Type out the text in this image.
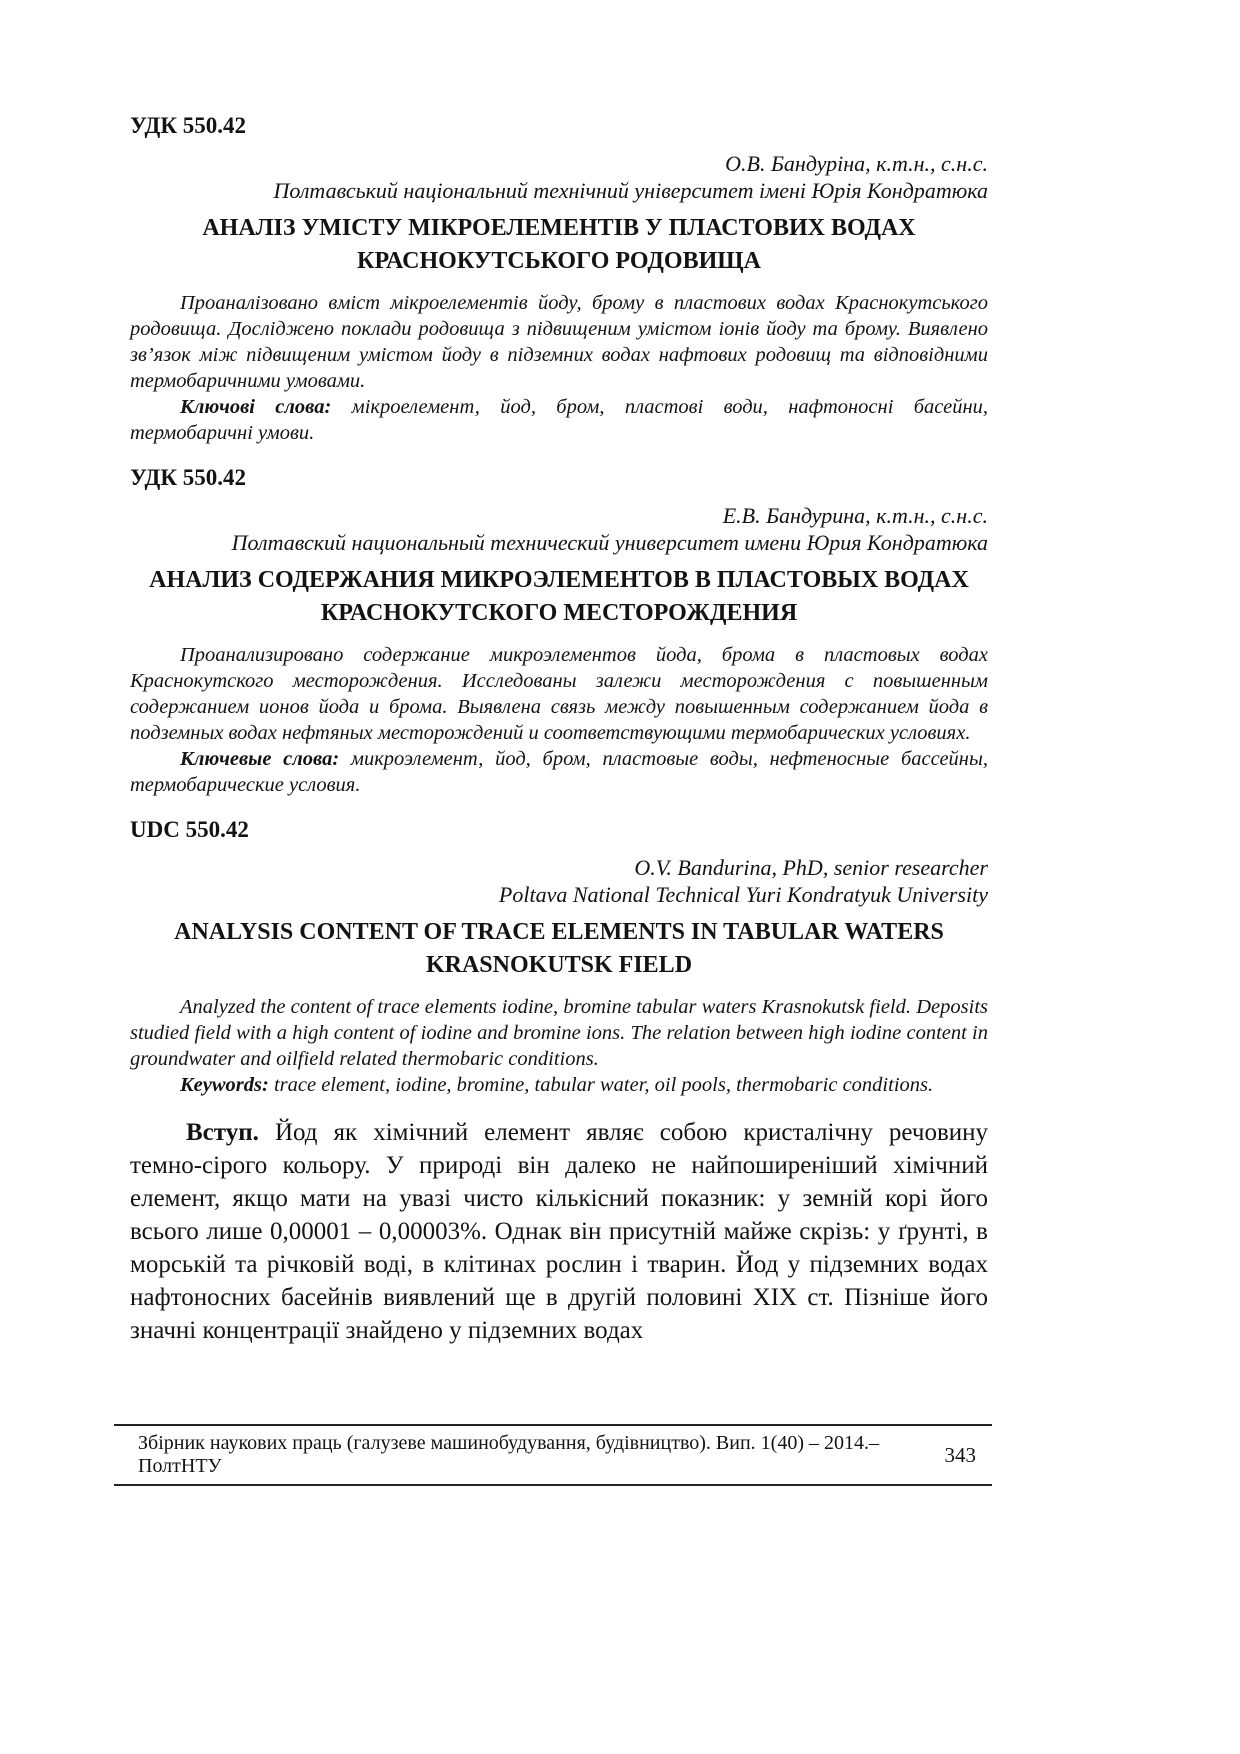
УДК 550.42

О.В. Бандуріна, к.т.н., с.н.с.

Полтавський національний технічний університет імені Юрія Кондратюка

АНАЛІЗ УМІСТУ МІКРОЕЛЕМЕНТІВ У ПЛАСТОВИХ ВОДАХ КРАСНОКУТСЬКОГО РОДОВИЩА

Проаналізовано вміст мікроелементів йоду, брому в пластових водах Краснокутського родовища. Досліджено поклади родовища з підвищеним умістом іонів йоду та брому. Виявлено зв’язок між підвищеним умістом йоду в підземних водах нафтових родовищ та відповідними термобаричними умовами.

Ключові слова: мікроелемент, йод, бром, пластові води, нафтоносні басейни, термобаричні умови.

УДК 550.42

Е.В. Бандурина, к.т.н., с.н.с.

Полтавский национальный технический университет имени Юрия Кондратюка

АНАЛИЗ СОДЕРЖАНИЯ МИКРОЭЛЕМЕНТОВ В ПЛАСТОВЫХ ВОДАХ КРАСНОКУТСКОГО МЕСТОРОЖДЕНИЯ

Проанализировано содержание микроэлементов йода, брома в пластовых водах Краснокутского месторождения. Исследованы залежи месторождения с повышенным содержанием ионов йода и брома. Выявлена связь между повышенным содержанием йода в подземных водах нефтяных месторождений и соответствующими термобарических условиях.

Ключевые слова: микроэлемент, йод, бром, пластовые воды, нефтеносные бассейны, термобарические условия.

UDC 550.42

O.V. Bandurina, PhD, senior researcher

Poltava National Technical Yuri Kondratyuk University

ANALYSIS CONTENT OF TRACE ELEMENTS IN TABULAR WATERS KRASNOKUTSK FIELD

Analyzed the content of trace elements iodine, bromine tabular waters Krasnokutsk field. Deposits studied field with a high content of iodine and bromine ions. The relation between high iodine content in groundwater and oilfield related thermobaric conditions.

Keywords: trace element, iodine, bromine, tabular water, oil pools, thermobaric conditions.

Вступ. Йод як хімічний елемент являє собою кристалічну речовину темно-сірого кольору. У природі він далеко не найпоширеніший хімічний елемент, якщо мати на увазі чисто кількісний показник: у земній корі його всього лише 0,00001 – 0,00003%. Однак він присутній майже скрізь: у ґрунті, в морській та річковій воді, в клітинах рослин і тварин. Йод у підземних водах нафтоносних басейнів виявлений ще в другій половині XIX ст. Пізніше його значні концентрації знайдено у підземних водах

Збірник наукових праць (галузеве машинобудування, будівництво). Вип. 1(40) – 2014.– ПолтНТУ	343
